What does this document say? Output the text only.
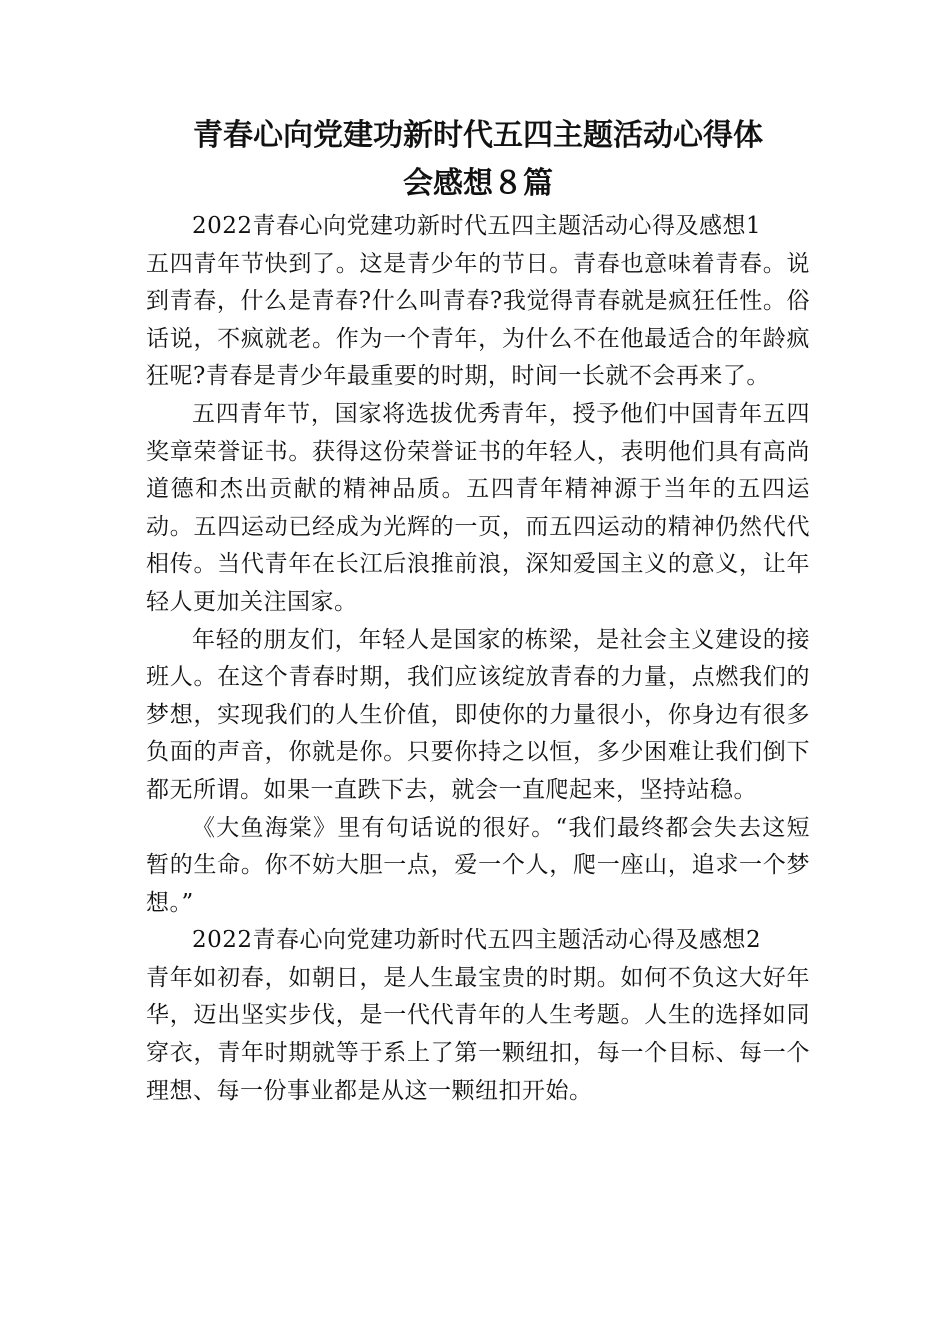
青春心向党建功新时代五四主题活动心得体
会感想８篇

2022青春心向党建功新时代五四主题活动心得及感想1

五四青年节快到了。这是青少年的节日。青春也意味着青春。说到青春，什么是青春?什么叫青春?我觉得青春就是疯狂任性。俗话说，不疯就老。作为一个青年，为什么不在他最适合的年龄疯狂呢?青春是青少年最重要的时期，时间一长就不会再来了。

五四青年节，国家将选拔优秀青年，授予他们中国青年五四奖章荣誉证书。获得这份荣誉证书的年轻人，表明他们具有高尚道德和杰出贡献的精神品质。五四青年精神源于当年的五四运动。五四运动已经成为光辉的一页，而五四运动的精神仍然代代相传。当代青年在长江后浪推前浪，深知爱国主义的意义，让年轻人更加关注国家。

年轻的朋友们，年轻人是国家的栋梁，是社会主义建设的接班人。在这个青春时期，我们应该绽放青春的力量，点燃我们的梦想，实现我们的人生价值，即使你的力量很小，你身边有很多负面的声音，你就是你。只要你持之以恒，多少困难让我们倒下都无所谓。如果一直跌下去，就会一直爬起来，坚持站稳。

《大鱼海棠》里有句话说的很好。“我们最终都会失去这短暂的生命。你不妨大胆一点，爱一个人，爬一座山，追求一个梦想。”

2022青春心向党建功新时代五四主题活动心得及感想2

青年如初春，如朝日，是人生最宝贵的时期。如何不负这大好年华，迈出坚实步伐，是一代代青年的人生考题。人生的选择如同穿衣，青年时期就等于系上了第一颗纽扣，每一个目标、每一个理想、每一份事业都是从这一颗纽扣开始。
